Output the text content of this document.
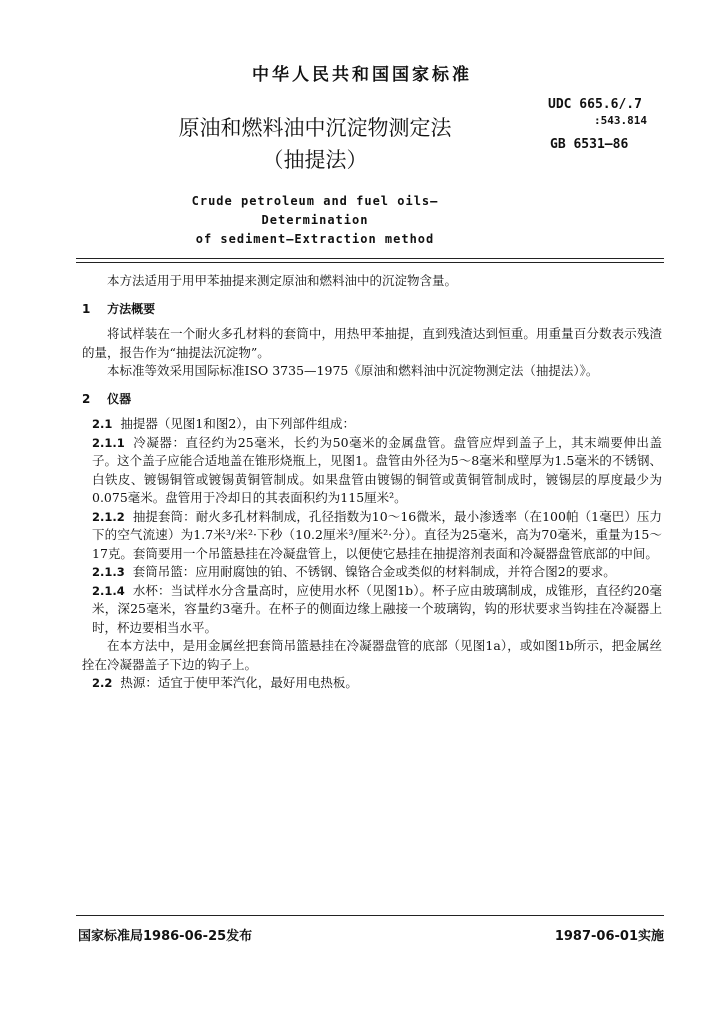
中华人民共和国国家标准
UDC 665.6/.7
:543.814
GB 6531—86
原油和燃料油中沉淀物测定法
（抽提法）
Crude petroleum and fuel oils—Determination
of sediment—Extraction method

本方法适用于用甲苯抽提来测定原油和燃料油中的沉淀物含量。

1 方法概要

将试样装在一个耐火多孔材料的套筒中，用热甲苯抽提，直到残渣达到恒重。用重量百分数表示残渣的量，报告作为“抽提法沉淀物”。

本标准等效采用国际标准ISO 3735—1975《原油和燃料油中沉淀物测定法（抽提法）》。

2 仪器

2.1 抽提器（见图1和图2），由下列部件组成：

2.1.1 冷凝器：直径约为25毫米，长约为50毫米的金属盘管。盘管应焊到盖子上，其末端要伸出盖子。这个盖子应能合适地盖在锥形烧瓶上，见图1。盘管由外径为5～8毫米和壁厚为1.5毫米的不锈钢、白铁皮、镀锡铜管或镀锡黄铜管制成。如果盘管由镀锡的铜管或黄铜管制成时，镀锡层的厚度最少为0.075毫米。盘管用于冷却日的其表面积约为115厘米²。

2.1.2 抽提套筒：耐火多孔材料制成，孔径指数为10～16微米，最小渗透率（在100帕（1毫巴）压力下的空气流速）为1.7米³/米²·下秒（10.2厘米³/厘米²·分）。直径为25毫米，高为70毫米，重量为15～17克。套筒要用一个吊篮悬挂在冷凝盘管上，以便使它悬挂在抽提溶剂表面和冷凝器盘管底部的中间。

2.1.3 套筒吊篮：应用耐腐蚀的铂、不锈钢、镍铬合金或类似的材料制成，并符合图2的要求。

2.1.4 水杯：当试样水分含量高时，应使用水杯（见图1b）。杯子应由玻璃制成，成锥形，直径约20毫米，深25毫米，容量约3毫升。在杯子的侧面边缘上融接一个玻璃钩，钩的形状要求当钩挂在冷凝器上时，杯边要相当水平。

在本方法中，是用金属丝把套筒吊篮悬挂在冷凝器盘管的底部（见图1a），或如图1b所示，把金属丝拴在冷凝器盖子下边的钩子上。

2.2 热源：适宜于使甲苯汽化，最好用电热板。

国家标准局1986-06-25发布	1987-06-01实施
